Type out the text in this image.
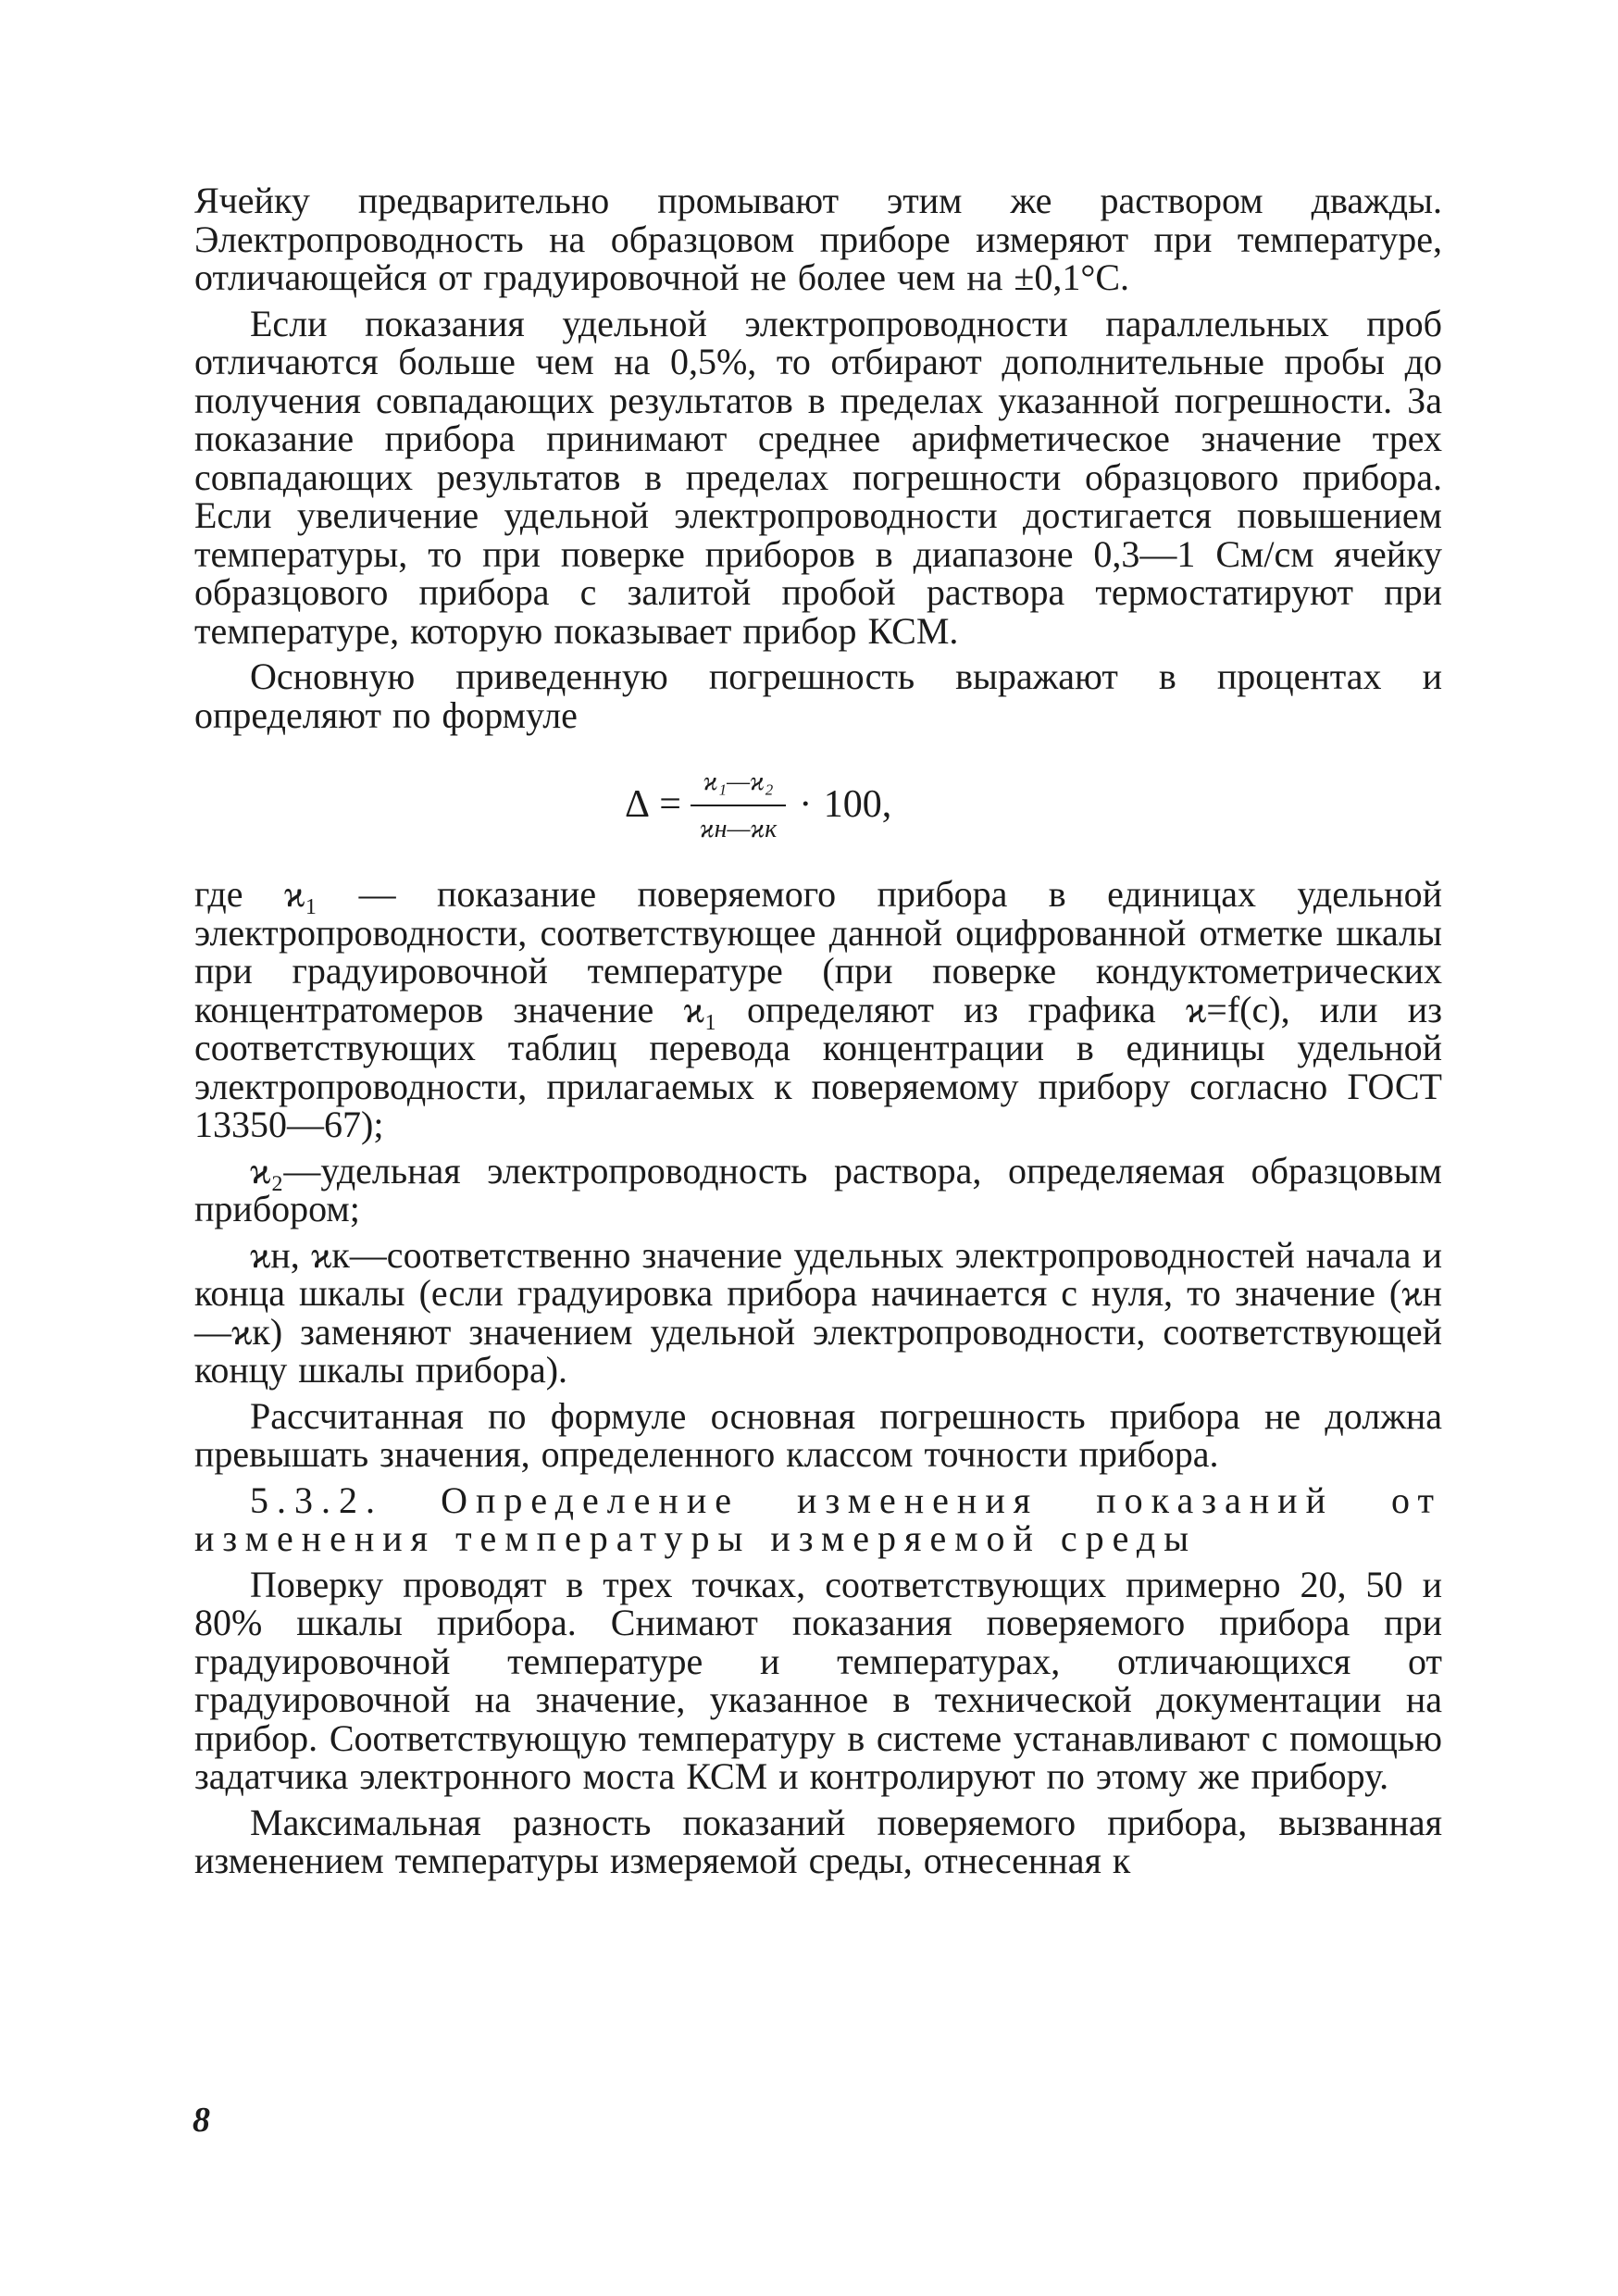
Ячейку предварительно промывают этим же раствором дважды. Электропроводность на образцовом приборе измеряют при температуре, отличающейся от градуировочной не более чем на ±0,1°С.

Если показания удельной электропроводности параллельных проб отличаются больше чем на 0,5%, то отбирают дополнительные пробы до получения совпадающих результатов в пределах указанной погрешности. За показание прибора принимают среднее арифметическое значение трех совпадающих результатов в пределах погрешности образцового прибора. Если увеличение удельной электропроводности достигается повышением температуры, то при поверке приборов в диапазоне 0,3—1 См/см ячейку образцового прибора с залитой пробой раствора термостатируют при температуре, которую показывает прибор КСМ.

Основную приведенную погрешность выражают в процентах и определяют по формуле

$\Delta = \frac{\text{ϰ₁—ϰ₂}}{ϰн—ϰк} \cdot 100$,

где ϰ₁ — показание поверяемого прибора в единицах удельной электропроводности, соответствующее данной оцифрованной отметке шкалы при градуировочной температуре (при поверке кондуктометрических концентратомеров значение ϰ₁ определяют из графика ϰ=f(c), или из соответствующих таблиц перевода концентрации в единицы удельной электропроводности, прилагаемых к поверяемому прибору согласно ГОСТ 13350—67);

ϰ₂—удельная электропроводность раствора, определяемая образцовым прибором;

ϰн, ϰк—соответственно значение удельных электропроводностей начала и конца шкалы (если градуировка прибора начинается с нуля, то значение (ϰн—ϰк) заменяют значением удельной электропроводности, соответствующей концу шкалы прибора).

Рассчитанная по формуле основная погрешность прибора не должна превышать значения, определенного классом точности прибора.

5.3.2. Определение изменения показаний от изменения температуры измеряемой среды

Поверку проводят в трех точках, соответствующих примерно 20, 50 и 80% шкалы прибора. Снимают показания поверяемого прибора при градуировочной температуре и температурах, отличающихся от градуировочной на значение, указанное в технической документации на прибор. Соответствующую температуру в системе устанавливают с помощью задатчика электронного моста КСМ и контролируют по этому же прибору.

Максимальная разность показаний поверяемого прибора, вызванная изменением температуры измеряемой среды, отнесенная к

8
